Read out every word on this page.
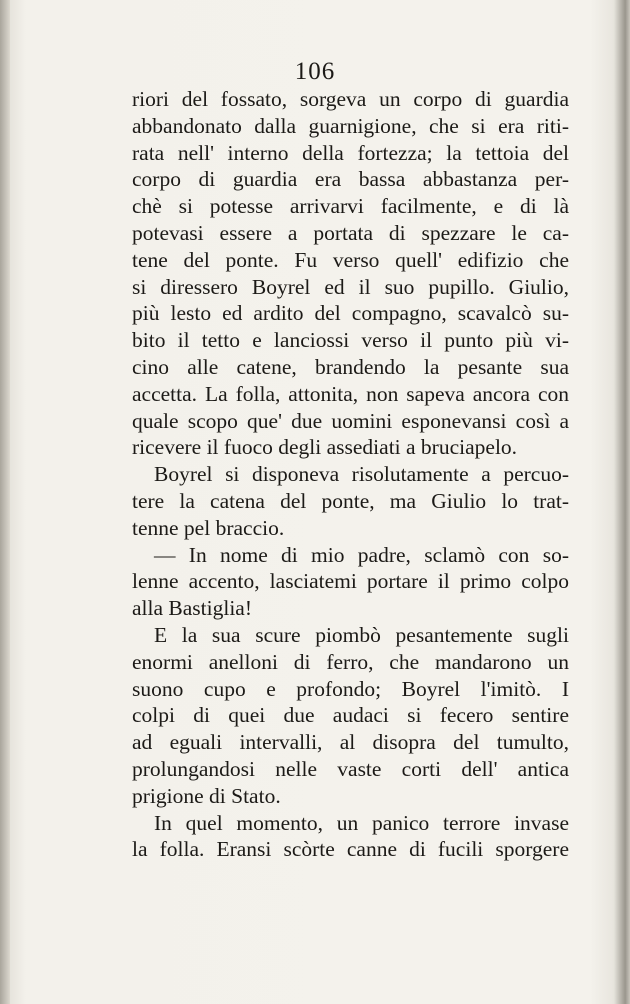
106
riori del fossato, sorgeva un corpo di guardia
abbandonato dalla guarnigione, che si era riti-
rata nell' interno della fortezza; la tettoia del
corpo di guardia era bassa abbastanza per-
chè si potesse arrivarvi facilmente, e di là
potevasi essere a portata di spezzare le ca-
tene del ponte. Fu verso quell' edifizio che
si diressero Boyrel ed il suo pupillo. Giulio,
più lesto ed ardito del compagno, scavalcò su-
bito il tetto e lanciossi verso il punto più vi-
cino alle catene, brandendo la pesante sua
accetta. La folla, attonita, non sapeva ancora con
quale scopo que' due uomini esponevansi così a
ricevere il fuoco degli assediati a bruciapelo.
Boyrel si disponeva risolutamente a percuo-
tere la catena del ponte, ma Giulio lo trat-
tenne pel braccio.
— In nome di mio padre, sclamò con so-
lenne accento, lasciatemi portare il primo colpo
alla Bastiglia!
E la sua scure piombò pesantemente sugli
enormi anelloni di ferro, che mandarono un
suono cupo e profondo; Boyrel l'imitò. I
colpi di quei due audaci si fecero sentire
ad eguali intervalli, al disopra del tumulto,
prolungandosi nelle vaste corti dell' antica
prigione di Stato.
In quel momento, un panico terrore invase
la folla. Eransi scòrte canne di fucili sporgere
